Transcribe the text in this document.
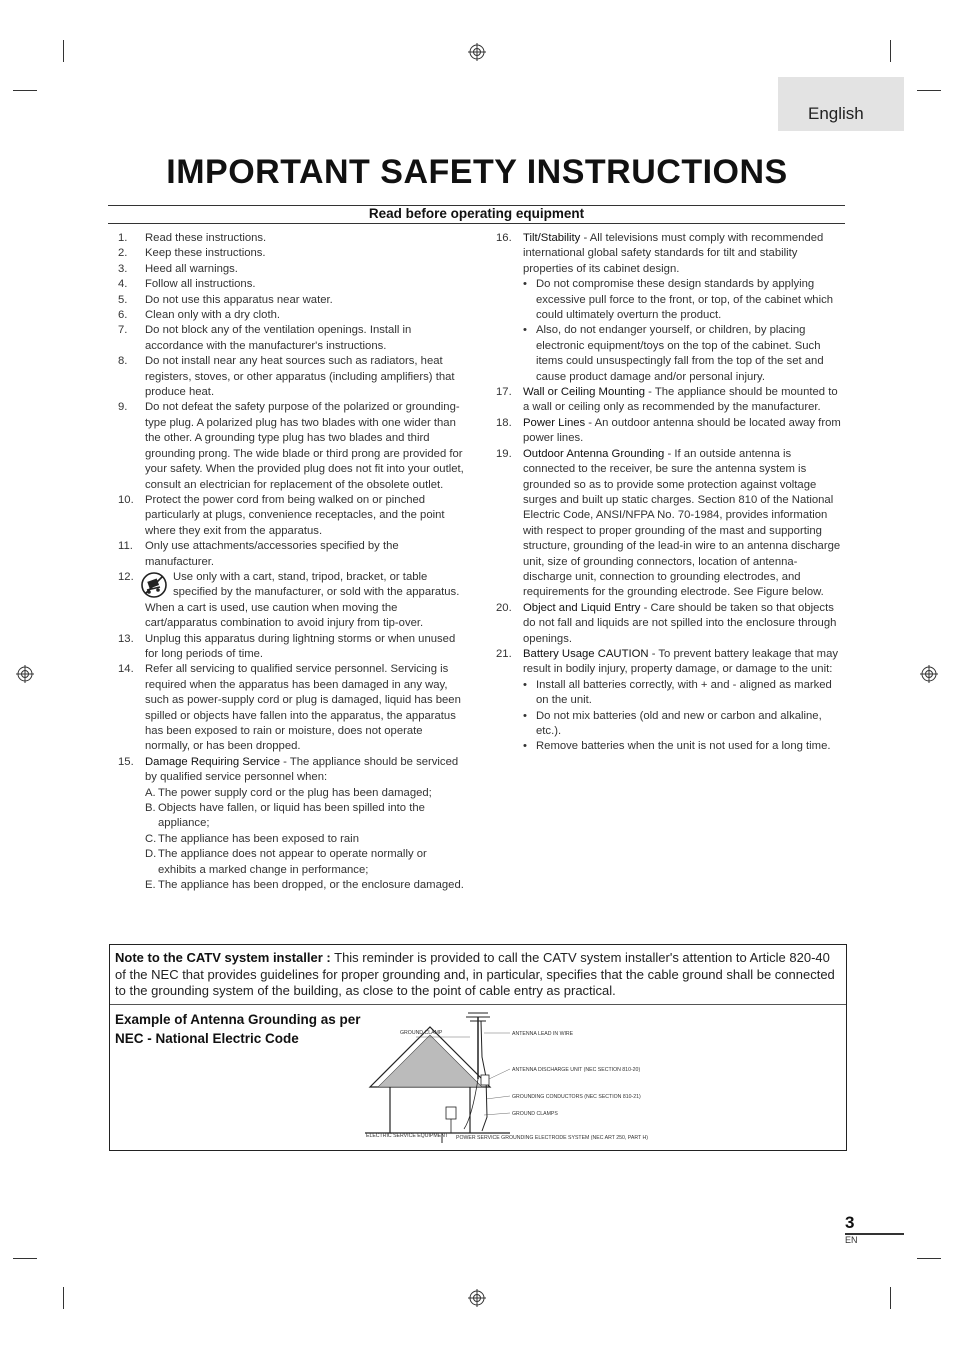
English
IMPORTANT SAFETY INSTRUCTIONS
Read before operating equipment
1. Read these instructions.
2. Keep these instructions.
3. Heed all warnings.
4. Follow all instructions.
5. Do not use this apparatus near water.
6. Clean only with a dry cloth.
7. Do not block any of the ventilation openings. Install in accordance with the manufacturer's instructions.
8. Do not install near any heat sources such as radiators, heat registers, stoves, or other apparatus (including amplifiers) that produce heat.
9. Do not defeat the safety purpose of the polarized or grounding-type plug. A polarized plug has two blades with one wider than the other. A grounding type plug has two blades and third grounding prong. The wide blade or third prong are provided for your safety. When the provided plug does not fit into your outlet, consult an electrician for replacement of the obsolete outlet.
10. Protect the power cord from being walked on or pinched particularly at plugs, convenience receptacles, and the point where they exit from the apparatus.
11. Only use attachments/accessories specified by the manufacturer.
12.	Use only with a cart, stand, tripod, bracket, or table specified by the manufacturer, or sold with the apparatus. When a cart is used, use caution when moving the cart/apparatus combination to avoid injury from tip-over.
13. Unplug this apparatus during lightning storms or when unused for long periods of time.
14. Refer all servicing to qualified service personnel. Servicing is required when the apparatus has been damaged in any way, such as power-supply cord or plug is damaged, liquid has been spilled or objects have fallen into the apparatus, the apparatus has been exposed to rain or moisture, does not operate normally, or has been dropped.
15. Damage Requiring Service - The appliance should be serviced by qualified service personnel when:
A. The power supply cord or the plug has been damaged;
B. Objects have fallen, or liquid has been spilled into the appliance;
C. The appliance has been exposed to rain
D. The appliance does not appear to operate normally or exhibits a marked change in performance;
E. The appliance has been dropped, or the enclosure damaged.
16. Tilt/Stability - All televisions must comply with recommended international global safety standards for tilt and stability properties of its cabinet design.
• Do not compromise these design standards by applying excessive pull force to the front, or top, of the cabinet which could ultimately overturn the product.
• Also, do not endanger yourself, or children, by placing electronic equipment/toys on the top of the cabinet. Such items could unsuspectingly fall from the top of the set and cause product damage and/or personal injury.
17. Wall or Ceiling Mounting - The appliance should be mounted to a wall or ceiling only as recommended by the manufacturer.
18. Power Lines - An outdoor antenna should be located away from power lines.
19. Outdoor Antenna Grounding - If an outside antenna is connected to the receiver, be sure the antenna system is grounded so as to provide some protection against voltage surges and built up static charges. Section 810 of the National Electric Code, ANSI/NFPA No. 70-1984, provides information with respect to proper grounding of the mast and supporting structure, grounding of the lead-in wire to an antenna discharge unit, size of grounding connectors, location of antenna-discharge unit, connection to grounding electrodes, and requirements for the grounding electrode. See Figure below.
20. Object and Liquid Entry - Care should be taken so that objects do not fall and liquids are not spilled into the enclosure through openings.
21. Battery Usage CAUTION - To prevent battery leakage that may result in bodily injury, property damage, or damage to the unit:
• Install all batteries correctly, with + and - aligned as marked on the unit.
• Do not mix batteries (old and new or carbon and alkaline, etc.).
• Remove batteries when the unit is not used for a long time.
Note to the CATV system installer : This reminder is provided to call the CATV system installer's attention to Article 820-40 of the NEC that provides guidelines for proper grounding and, in particular, specifies that the cable ground shall be connected to the grounding system of the building, as close to the point of cable entry as practical.
Example of Antenna Grounding as per NEC - National Electric Code	GROUND CLAMP	ANTENNA LEAD IN WIRE
ANTENNA DISCHARGE UNIT (NEC SECTION 810-20)
GROUNDING CONDUCTORS (NEC SECTION 810-21)
GROUND CLAMPS
ELECTRIC SERVICE EQUIPMENT POWER SERVICE GROUNDING ELECTRODE SYSTEM (NEC ART 250, PART H)
3
EN
